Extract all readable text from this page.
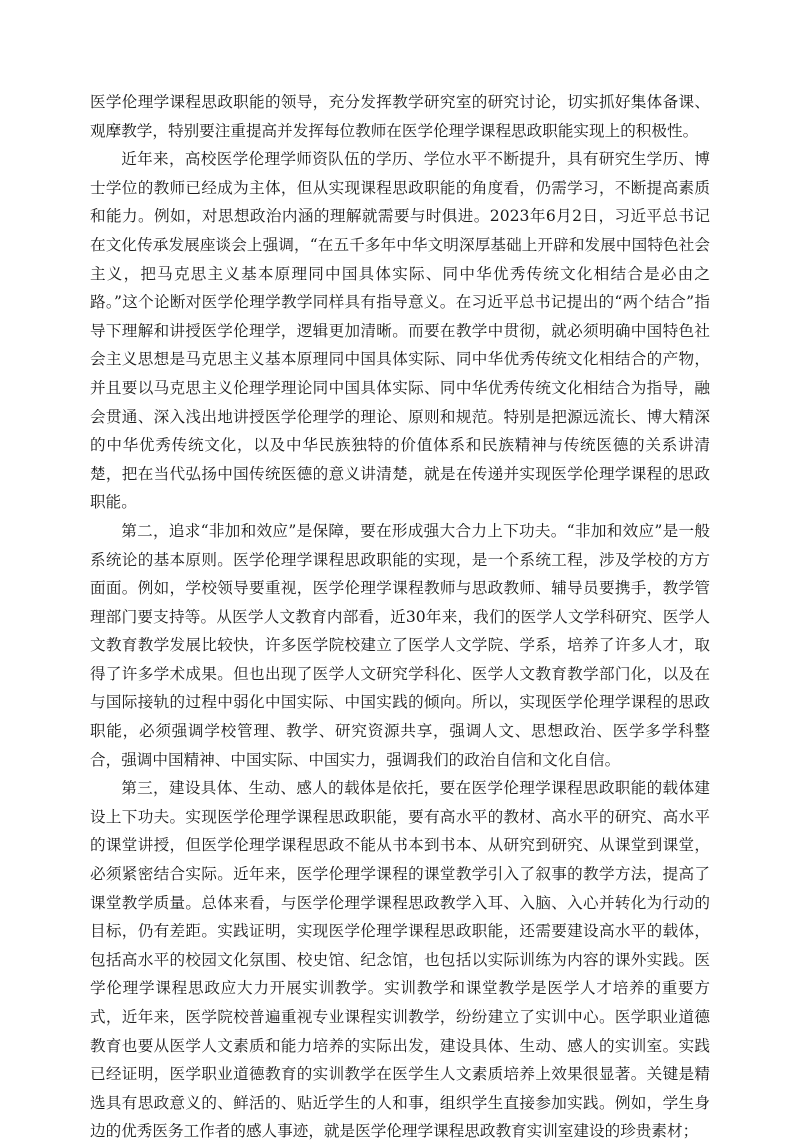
医学伦理学课程思政职能的领导，充分发挥教学研究室的研究讨论，切实抓好集体备课、观摩教学，特别要注重提高并发挥每位教师在医学伦理学课程思政职能实现上的积极性。

近年来，高校医学伦理学师资队伍的学历、学位水平不断提升，具有研究生学历、博士学位的教师已经成为主体，但从实现课程思政职能的角度看，仍需学习，不断提高素质和能力。例如，对思想政治内涵的理解就需要与时俱进。2023年6月2日，习近平总书记在文化传承发展座谈会上强调，“在五千多年中华文明深厚基础上开辟和发展中国特色社会主义，把马克思主义基本原理同中国具体实际、同中华优秀传统文化相结合是必由之路。”这个论断对医学伦理学教学同样具有指导意义。在习近平总书记提出的“两个结合”指导下理解和讲授医学伦理学，逻辑更加清晰。而要在教学中贯彻，就必须明确中国特色社会主义思想是马克思主义基本原理同中国具体实际、同中华优秀传统文化相结合的产物，并且要以马克思主义伦理学理论同中国具体实际、同中华优秀传统文化相结合为指导，融会贯通、深入浅出地讲授医学伦理学的理论、原则和规范。特别是把源远流长、博大精深的中华优秀传统文化，以及中华民族独特的价值体系和民族精神与传统医德的关系讲清楚，把在当代弘扬中国传统医德的意义讲清楚，就是在传递并实现医学伦理学课程的思政职能。

第二，追求“非加和效应”是保障，要在形成强大合力上下功夫。“非加和效应”是一般系统论的基本原则。医学伦理学课程思政职能的实现，是一个系统工程，涉及学校的方方面面。例如，学校领导要重视，医学伦理学课程教师与思政教师、辅导员要携手，教学管理部门要支持等。从医学人文教育内部看，近30年来，我们的医学人文学科研究、医学人文教育教学发展比较快，许多医学院校建立了医学人文学院、学系，培养了许多人才，取得了许多学术成果。但也出现了医学人文研究学科化、医学人文教育教学部门化，以及在与国际接轨的过程中弱化中国实际、中国实践的倾向。所以，实现医学伦理学课程的思政职能，必须强调学校管理、教学、研究资源共享，强调人文、思想政治、医学多学科整合，强调中国精神、中国实际、中国实力，强调我们的政治自信和文化自信。

第三，建设具体、生动、感人的载体是依托，要在医学伦理学课程思政职能的载体建设上下功夫。实现医学伦理学课程思政职能，要有高水平的教材、高水平的研究、高水平的课堂讲授，但医学伦理学课程思政不能从书本到书本、从研究到研究、从课堂到课堂，必须紧密结合实际。近年来，医学伦理学课程的课堂教学引入了叙事的教学方法，提高了课堂教学质量。总体来看，与医学伦理学课程思政教学入耳、入脑、入心并转化为行动的目标，仍有差距。实践证明，实现医学伦理学课程思政职能，还需要建设高水平的载体，包括高水平的校园文化氛围、校史馆、纪念馆，也包括以实际训练为内容的课外实践。医学伦理学课程思政应大力开展实训教学。实训教学和课堂教学是医学人才培养的重要方式，近年来，医学院校普遍重视专业课程实训教学，纷纷建立了实训中心。医学职业道德教育也要从医学人文素质和能力培养的实际出发，建设具体、生动、感人的实训室。实践已经证明，医学职业道德教育的实训教学在医学生人文素质培养上效果很显著。关键是精选具有思政意义的、鲜活的、贴近学生的人和事，组织学生直接参加实践。例如，学生身边的优秀医务工作者的感人事迹，就是医学伦理学课程思政教育实训室建设的珍贵素材；
